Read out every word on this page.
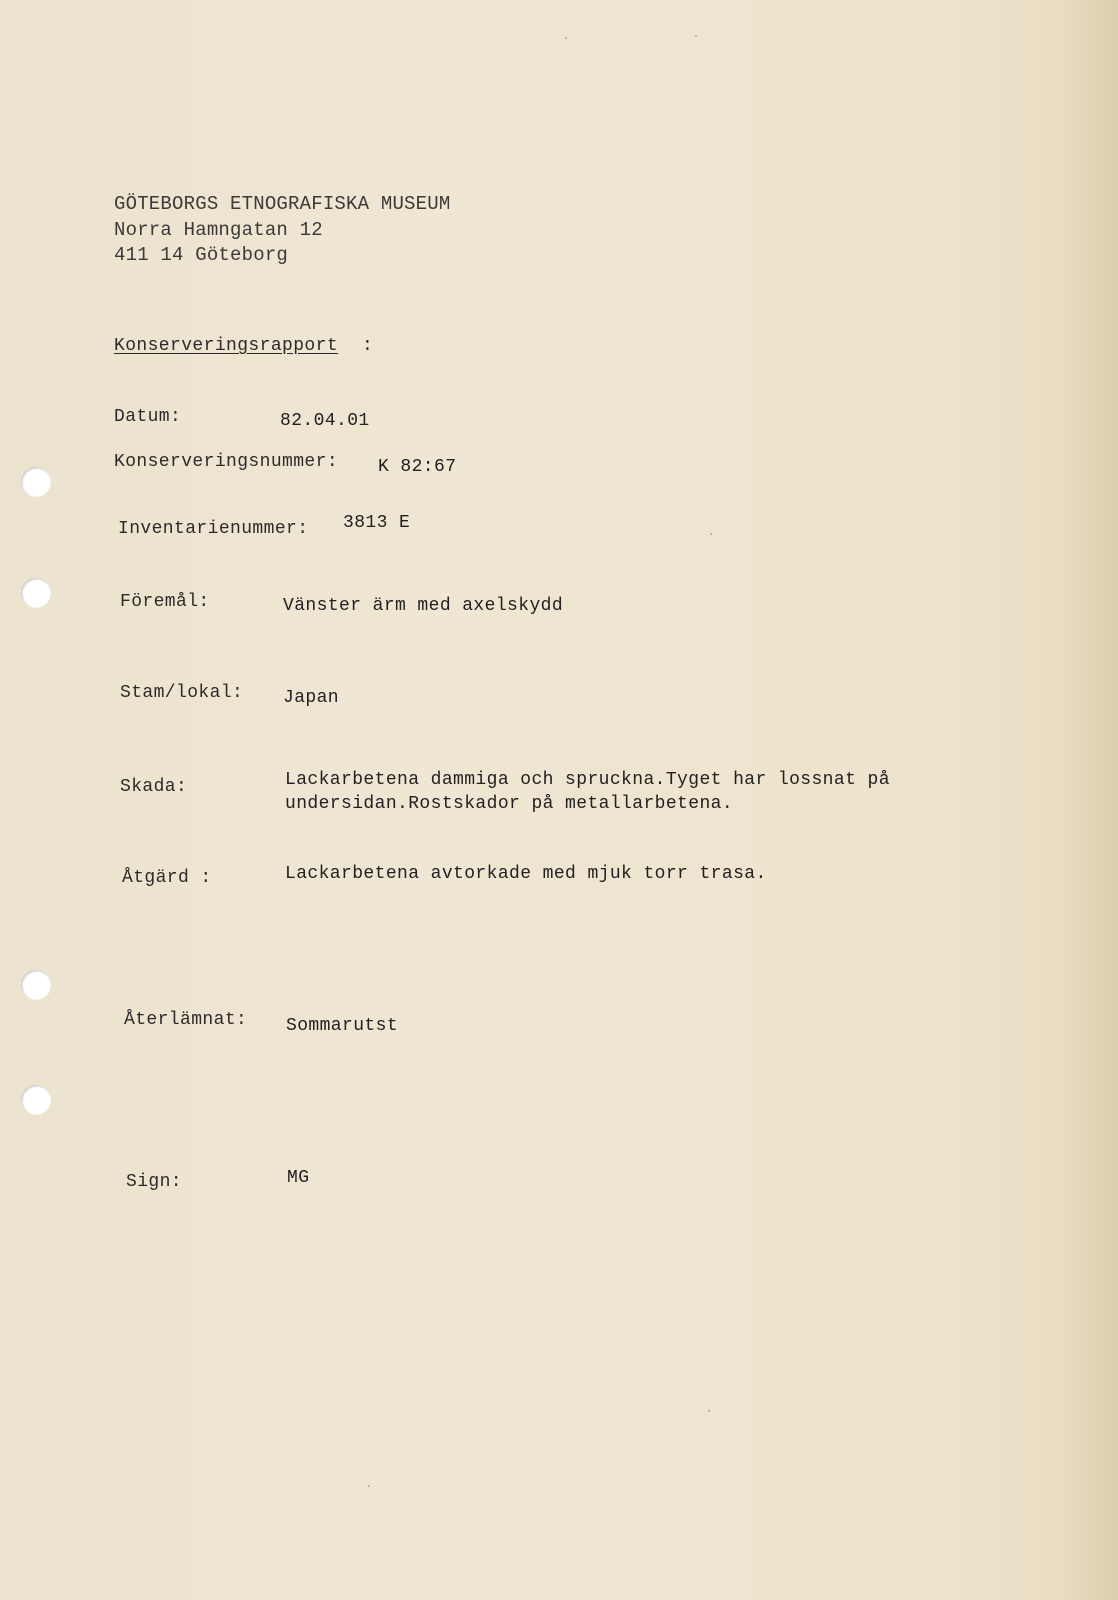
GÖTEBORGS ETNOGRAFISKA MUSEUM
Norra Hamngatan 12
411 14 Göteborg
Konserveringsrapport :
Datum:	82.04.01
Konserveringsnummer: K 82:67
Inventarienummer: 3813 E
Föremål:	Vänster ärm med axelskydd
Stam/lokal: Japan
Skada:	Lackarbetena dammiga och spruckna.Tyget har lossnat på
undersidan.Rostskador på metallarbetena.
Åtgärd :	Lackarbetena avtorkade med mjuk torr trasa.
Återlämnat: Sommarutst
Sign:	MG
